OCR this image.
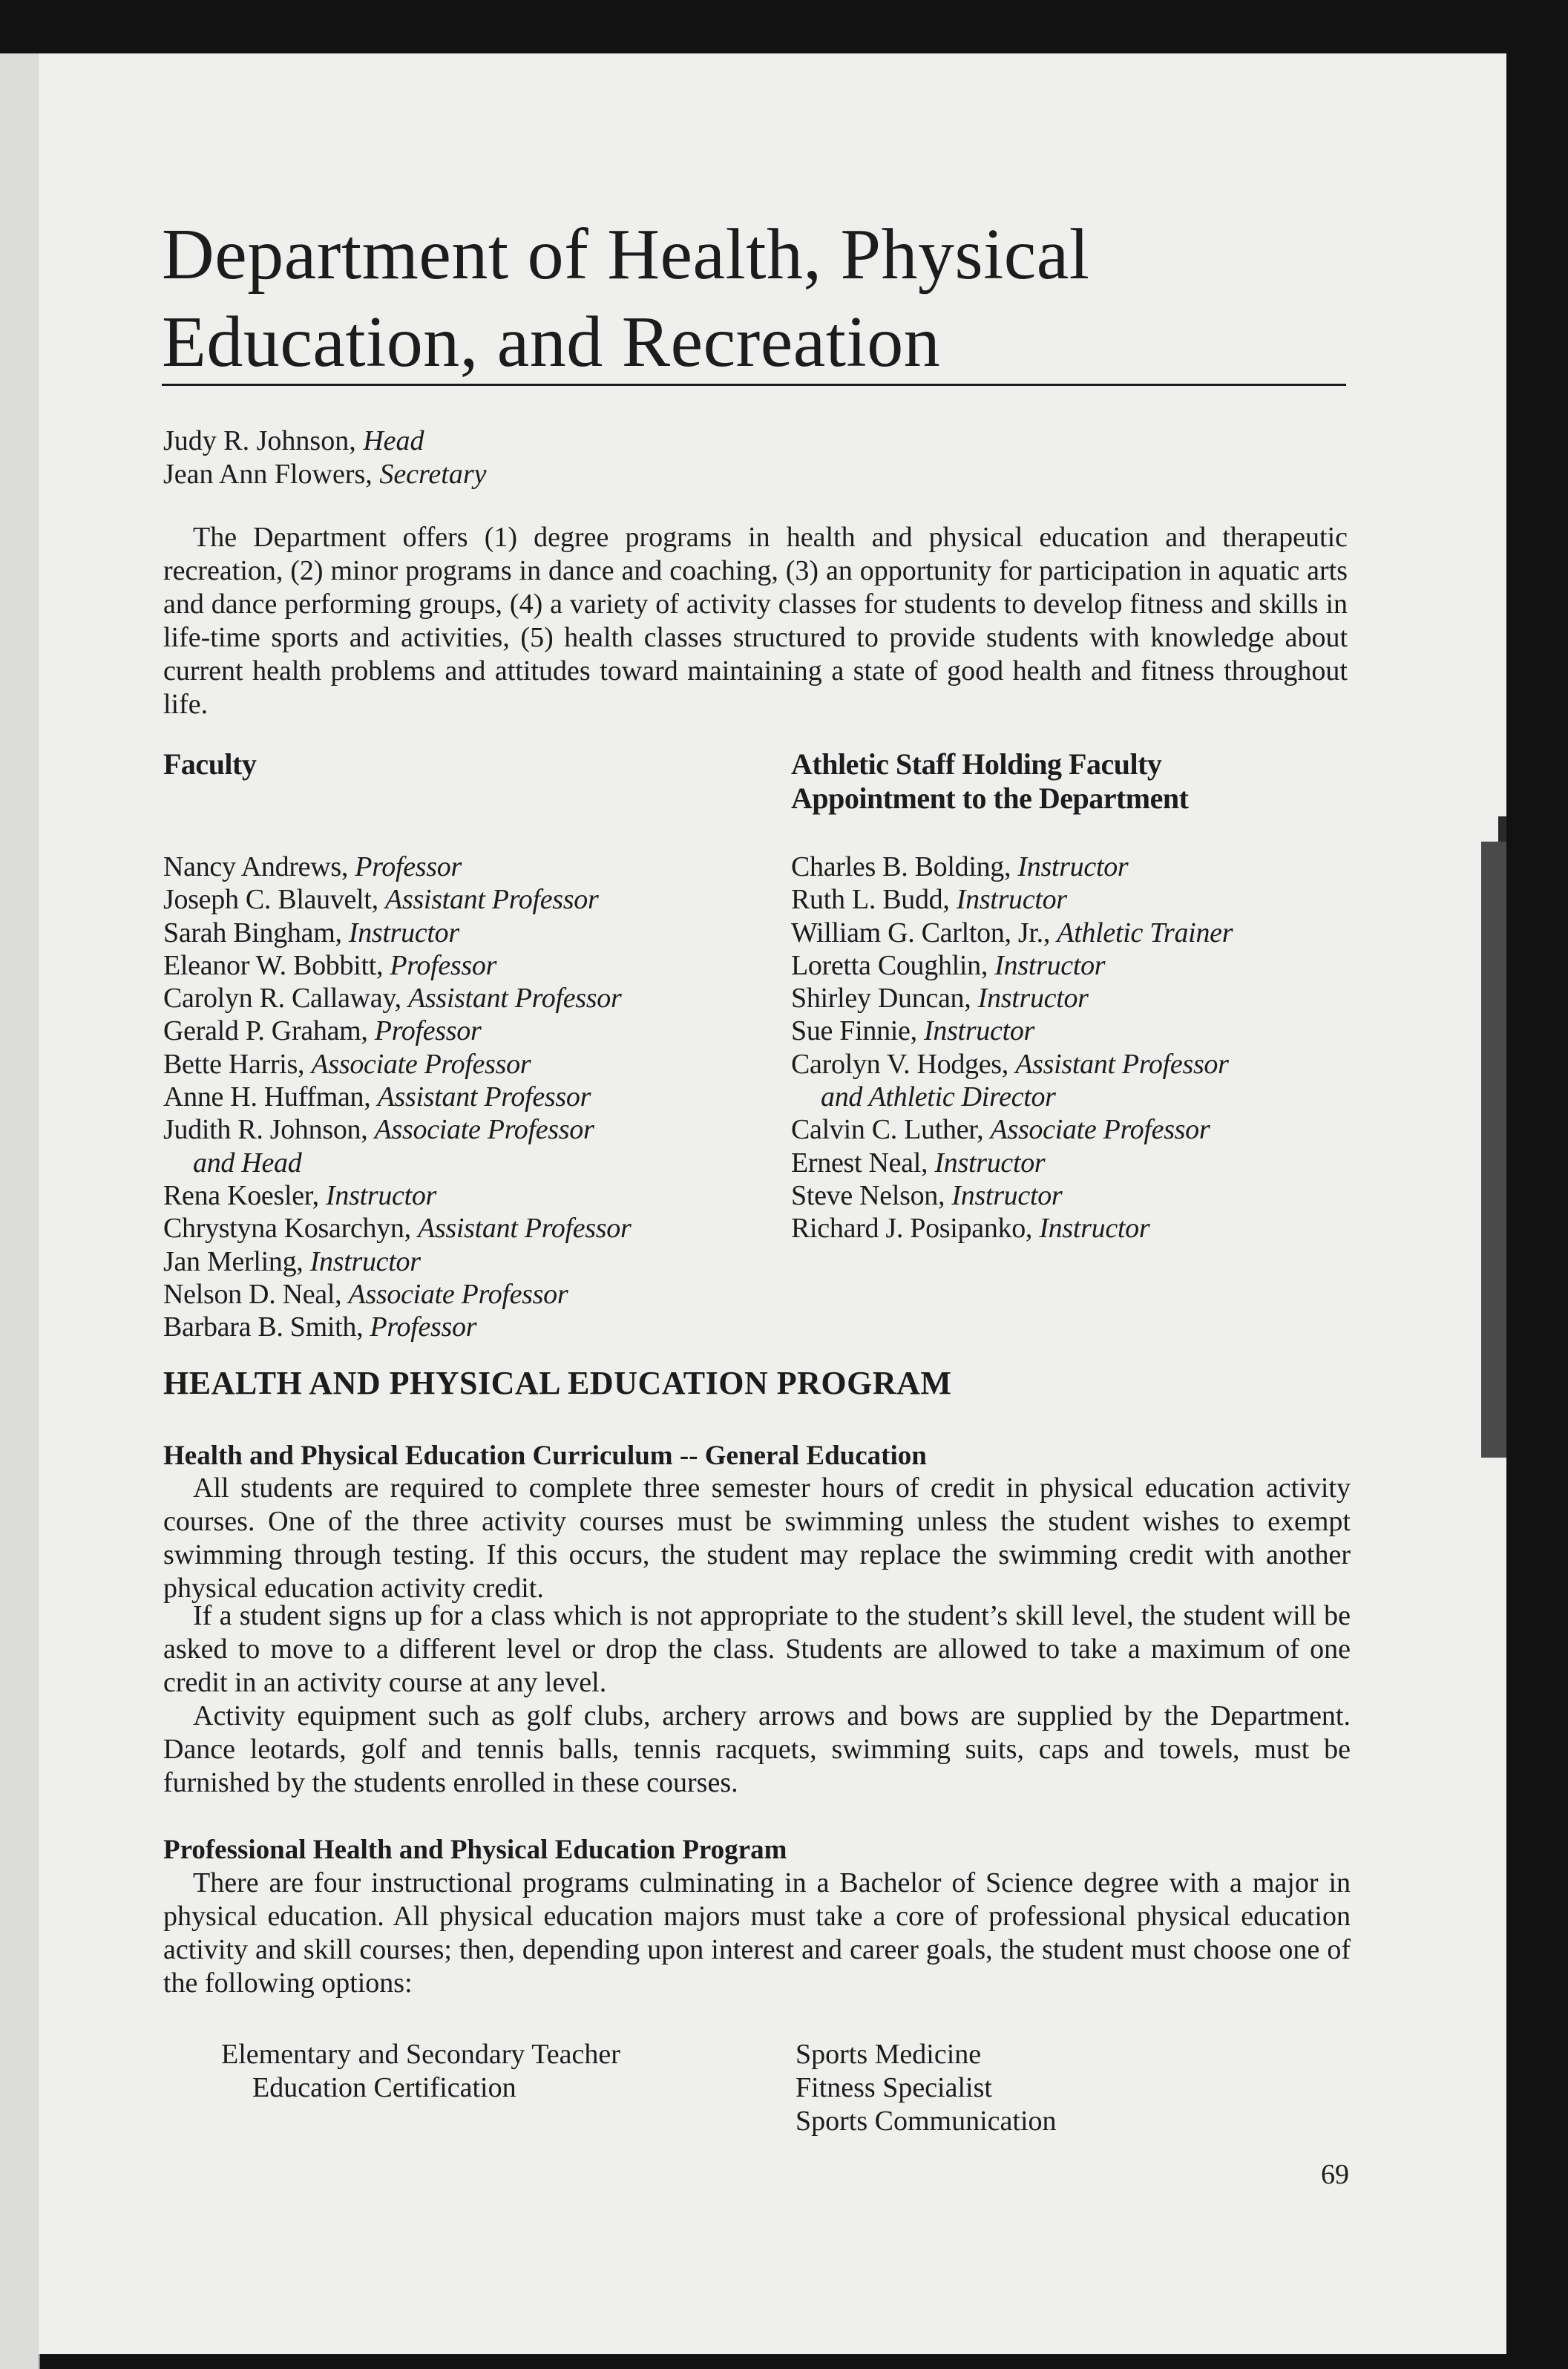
Department of Health, Physical
Education, and Recreation
Judy R. Johnson, Head
Jean Ann Flowers, Secretary

The Department offers (1) degree programs in health and physical education and therapeutic recreation, (2) minor programs in dance and coaching, (3) an opportunity for participation in aquatic arts and dance performing groups, (4) a variety of activity classes for students to develop fitness and skills in life-time sports and activities, (5) health classes structured to provide students with knowledge about current health problems and attitudes toward maintaining a state of good health and fitness throughout life.

Faculty	Athletic Staff Holding Faculty
Appointment to the Department
Nancy Andrews, Professor
Joseph C. Blauvelt, Assistant Professor
Sarah Bingham, Instructor
Eleanor W. Bobbitt, Professor
Carolyn R. Callaway, Assistant Professor
Gerald P. Graham, Professor
Bette Harris, Associate Professor
Anne H. Huffman, Assistant Professor
Judith R. Johnson, Associate Professor
and Head
Rena Koesler, Instructor
Chrystyna Kosarchyn, Assistant Professor
Jan Merling, Instructor
Nelson D. Neal, Associate Professor
Barbara B. Smith, Professor
Charles B. Bolding, Instructor
Ruth L. Budd, Instructor
William G. Carlton, Jr., Athletic Trainer
Loretta Coughlin, Instructor
Shirley Duncan, Instructor
Sue Finnie, Instructor
Carolyn V. Hodges, Assistant Professor
and Athletic Director
Calvin C. Luther, Associate Professor
Ernest Neal, Instructor
Steve Nelson, Instructor
Richard J. Posipanko, Instructor
HEALTH AND PHYSICAL EDUCATION PROGRAM
Health and Physical Education Curriculum -- General Education

All students are required to complete three semester hours of credit in physical education activity courses. One of the three activity courses must be swimming unless the student wishes to exempt swimming through testing. If this occurs, the student may replace the swimming credit with another physical education activity credit.

If a student signs up for a class which is not appropriate to the student’s skill level, the student will be asked to move to a different level or drop the class. Students are allowed to take a maximum of one credit in an activity course at any level.

Activity equipment such as golf clubs, archery arrows and bows are supplied by the Department. Dance leotards, golf and tennis balls, tennis racquets, swimming suits, caps and towels, must be furnished by the students enrolled in these courses.

Professional Health and Physical Education Program

There are four instructional programs culminating in a Bachelor of Science degree with a major in physical education. All physical education majors must take a core of professional physical education activity and skill courses; then, depending upon interest and career goals, the student must choose one of the following options:

Elementary and Secondary Teacher
Education Certification
Sports Medicine
Fitness Specialist
Sports Communication
69
